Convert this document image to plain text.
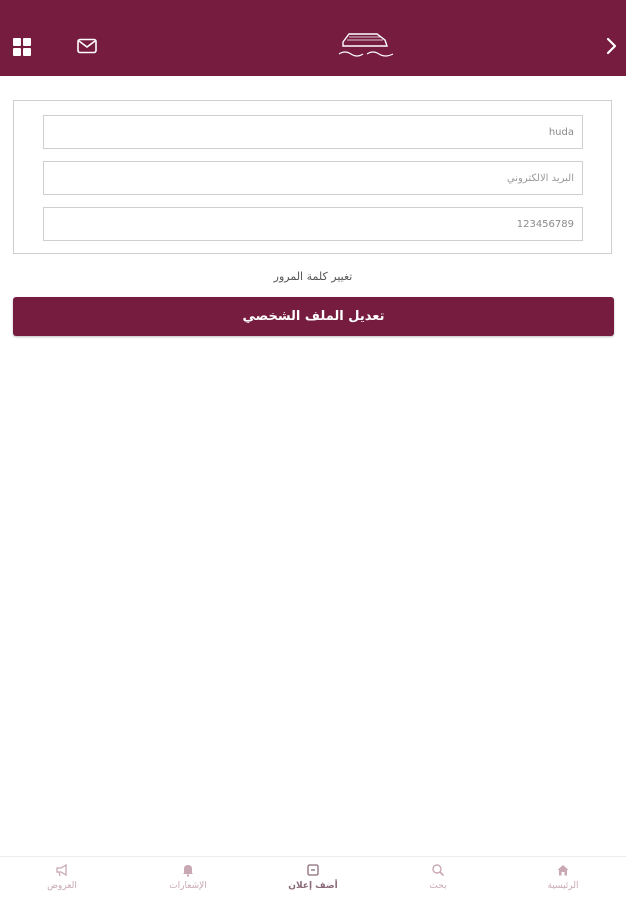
huda
البريد الالكتروني
123456789
تغيير كلمة المرور
تعديل الملف الشخصي
العروض	الإشعارات	أضف إعلان	بحث	الرئيسية
